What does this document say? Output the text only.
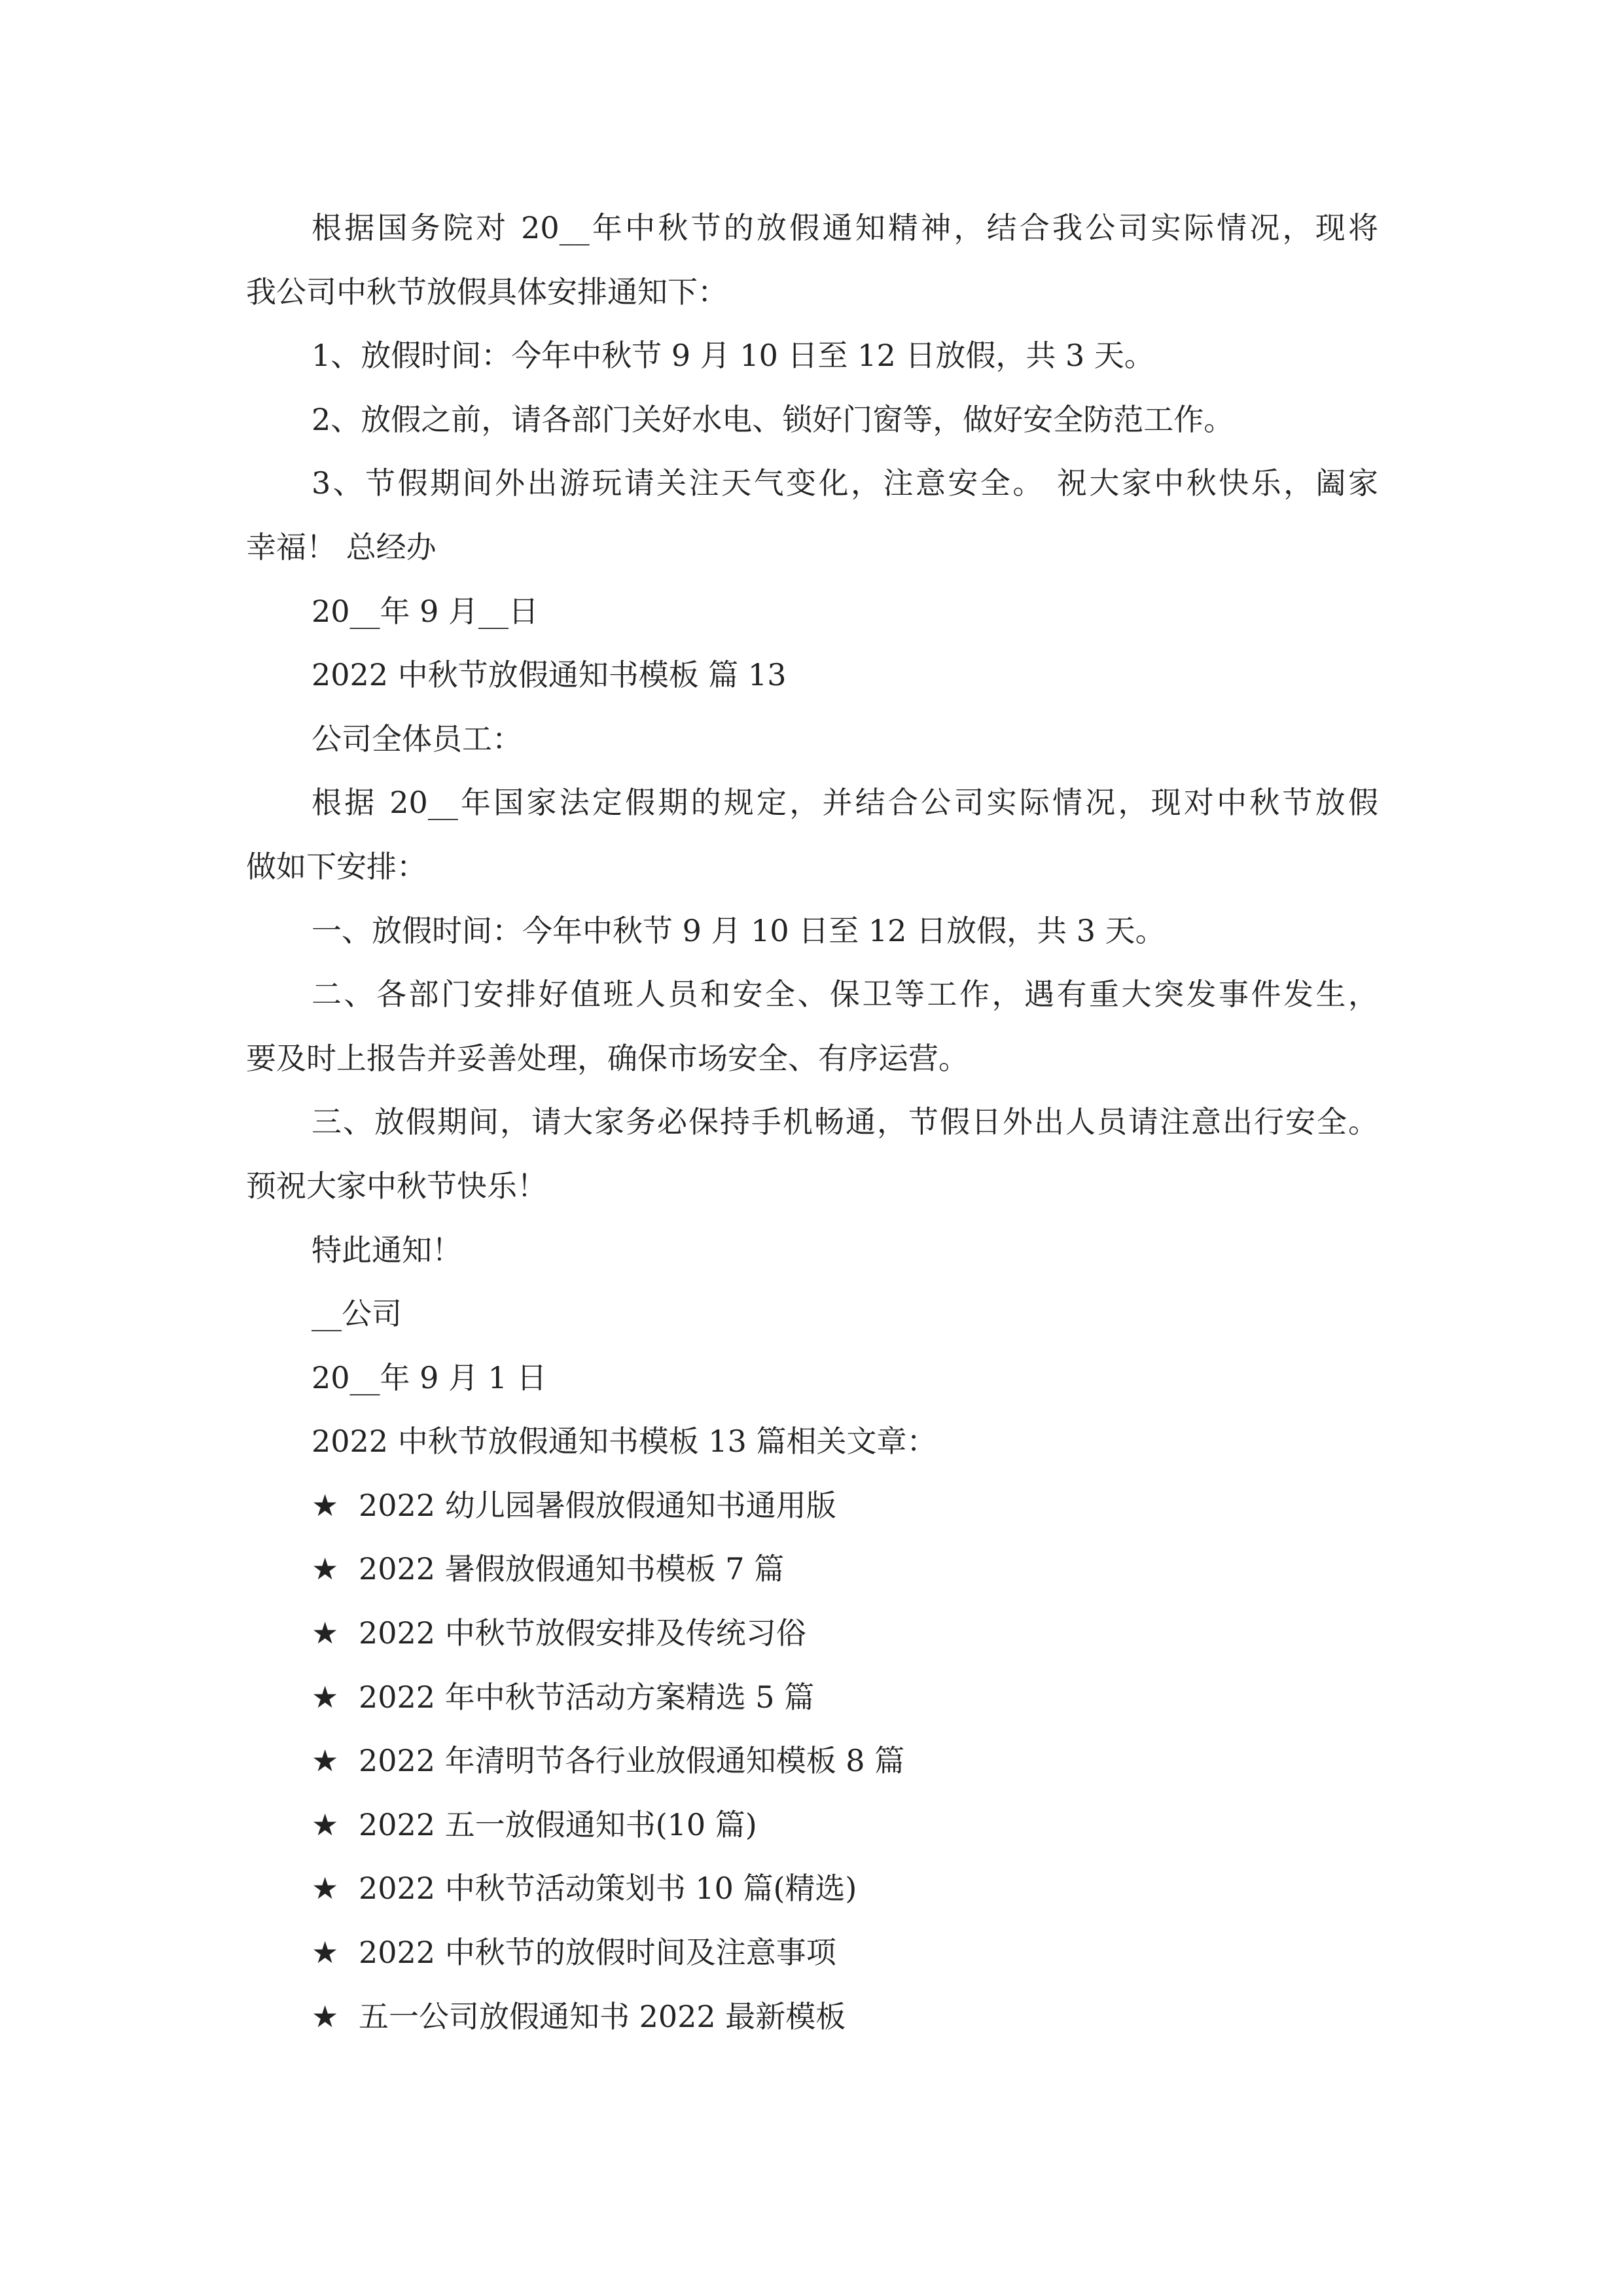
根据国务院对 20__年中秋节的放假通知精神，结合我公司实际情况，现将

我公司中秋节放假具体安排通知下：

1、放假时间：今年中秋节 9 月 10 日至 12 日放假，共 3 天。

2、放假之前，请各部门关好水电、锁好门窗等，做好安全防范工作。

3、节假期间外出游玩请关注天气变化，注意安全。 祝大家中秋快乐，阖家

幸福！ 总经办

20__年 9 月__日

2022 中秋节放假通知书模板 篇 13

公司全体员工：

根据 20__年国家法定假期的规定，并结合公司实际情况，现对中秋节放假

做如下安排：

一、放假时间：今年中秋节 9 月 10 日至 12 日放假，共 3 天。

二、各部门安排好值班人员和安全、保卫等工作，遇有重大突发事件发生，

要及时上报告并妥善处理，确保市场安全、有序运营。

三、放假期间，请大家务必保持手机畅通，节假日外出人员请注意出行安全。

预祝大家中秋节快乐！

特此通知！

__公司

20__年 9 月 1 日

2022 中秋节放假通知书模板 13 篇相关文章：

★ 2022 幼儿园暑假放假通知书通用版
★ 2022 暑假放假通知书模板 7 篇
★ 2022 中秋节放假安排及传统习俗
★ 2022 年中秋节活动方案精选 5 篇
★ 2022 年清明节各行业放假通知模板 8 篇
★ 2022 五一放假通知书(10 篇)
★ 2022 中秋节活动策划书 10 篇(精选)
★ 2022 中秋节的放假时间及注意事项
★ 五一公司放假通知书 2022 最新模板
